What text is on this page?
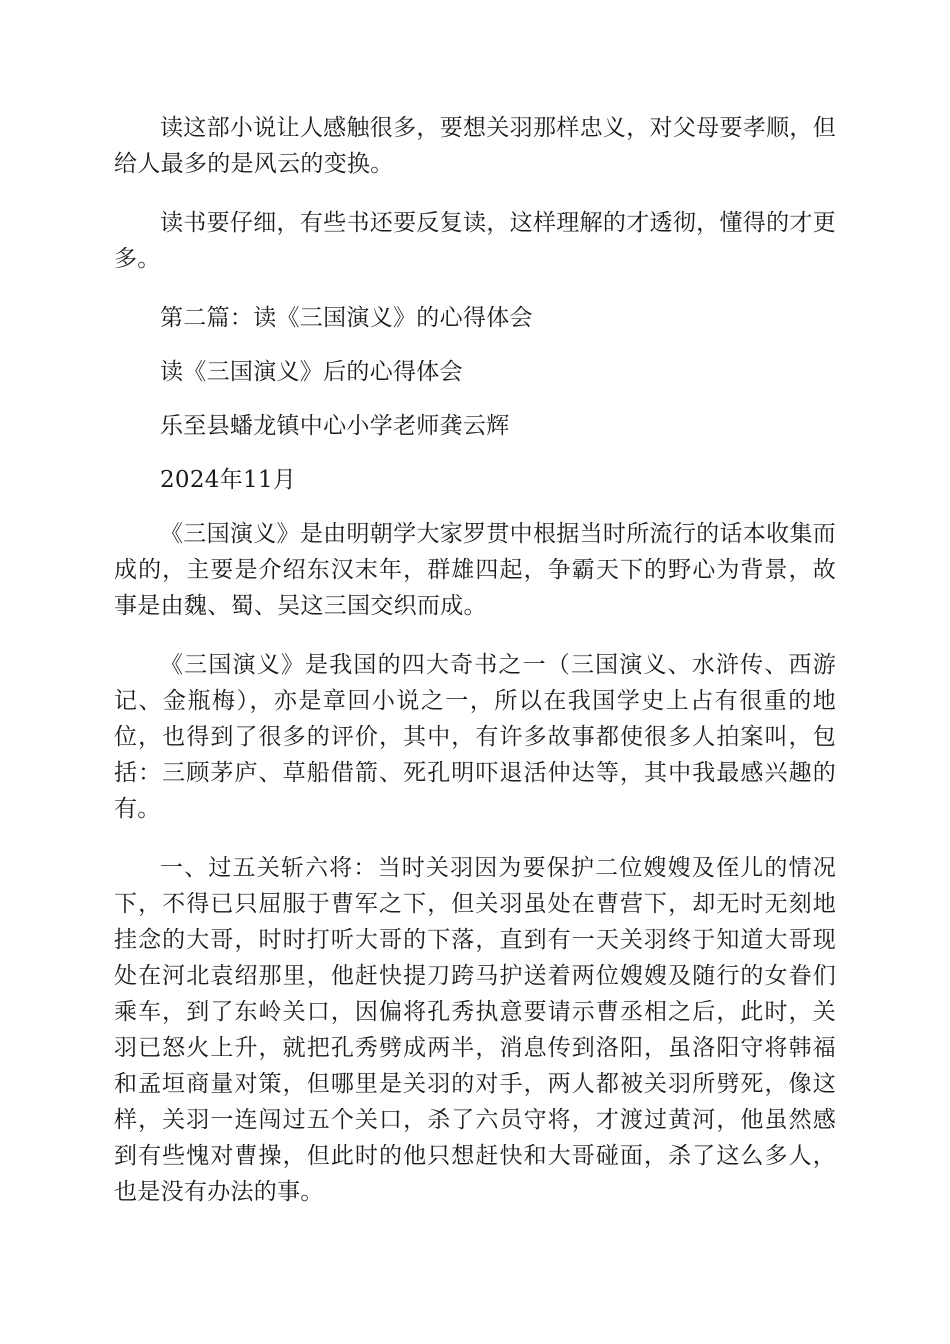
读这部小说让人感触很多，要想关羽那样忠义，对父母要孝顺，但给人最多的是风云的变换。

读书要仔细，有些书还要反复读，这样理解的才透彻，懂得的才更多。

第二篇：读《三国演义》的心得体会

读《三国演义》后的心得体会

乐至县蟠龙镇中心小学老师龚云辉

2024年11月

《三国演义》是由明朝学大家罗贯中根据当时所流行的话本收集而成的，主要是介绍东汉末年，群雄四起，争霸天下的野心为背景，故事是由魏、蜀、吴这三国交织而成。

《三国演义》是我国的四大奇书之一（三国演义、水浒传、西游记、金瓶梅），亦是章回小说之一，所以在我国学史上占有很重的地位，也得到了很多的评价，其中，有许多故事都使很多人拍案叫，包括：三顾茅庐、草船借箭、死孔明吓退活仲达等，其中我最感兴趣的有。

一、过五关斩六将：当时关羽因为要保护二位嫂嫂及侄儿的情况下，不得已只屈服于曹军之下，但关羽虽处在曹营下，却无时无刻地挂念的大哥，时时打听大哥的下落，直到有一天关羽终于知道大哥现处在河北袁绍那里，他赶快提刀跨马护送着两位嫂嫂及随行的女眷们乘车，到了东岭关口，因偏将孔秀执意要请示曹丞相之后，此时，关羽已怒火上升，就把孔秀劈成两半，消息传到洛阳，虽洛阳守将韩福和孟垣商量对策，但哪里是关羽的对手，两人都被关羽所劈死，像这样，关羽一连闯过五个关口，杀了六员守将，才渡过黄河，他虽然感到有些愧对曹操，但此时的他只想赶快和大哥碰面，杀了这么多人，也是没有办法的事。
